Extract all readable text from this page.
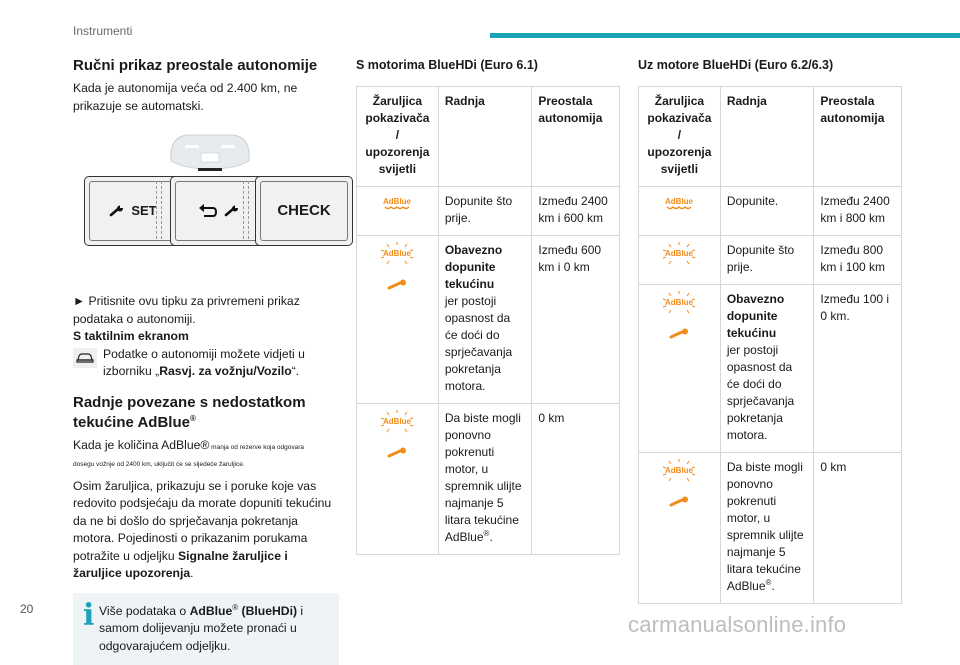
Instrumenti
Ručni prikaz preostale autonomije
Kada je autonomija veća od 2.400 km, ne prikazuje se automatski.
SET	CHECK
► Pritisnite ovu tipku za privremeni prikaz podataka o autonomiji.
S taktilnim ekranom
Podatke o autonomiji možete vidjeti u izborniku „Rasvj. za vožnju/Vozilo“.
Radnje povezane s nedostatkom tekućine AdBlue®
Kada je količina AdBlue® manja od rezerve koja odgovara
dosegu vožnje od 2400 km, uključit će se sljedeće žaruljice.
Osim žaruljica, prikazuju se i poruke koje vas redovito podsjećaju da morate dopuniti tekućinu da ne bi došlo do sprječavanja pokretanja motora. Pojedinosti o prikazanim porukama potražite u odjeljku Signalne žaruljice i žaruljice upozorenja.
i Više podataka o AdBlue® (BlueHDi) i samom dolijevanju možete pronaći u odgovarajućem odjeljku.
S motorima BlueHDi (Euro 6.1)
Žaruljica pokazivača / upozorenja svijetli	Radnja	Preostala autonomija

AdBlue	Dopunite što prije.	Između 2400 km i 600 km

AdBlue	Obavezno dopunite tekućinu
jer postoji opasnost da će doći do sprječavanja pokretanja motora.	Između 600 km i 0 km

AdBlue	Da biste mogli ponovno pokrenuti motor, u spremnik ulijte najmanje 5 litara tekućine AdBlue®.	0 km
Uz motore BlueHDi (Euro 6.2/6.3)
Žaruljica pokazivača / upozorenja svijetli	Radnja	Preostala autonomija

AdBlue	Dopunite.	Između 2400 km i 800 km

AdBlue	Dopunite što prije.	Između 800 km i 100 km

AdBlue	Obavezno dopunite tekućinu
jer postoji opasnost da će doći do sprječavanja pokretanja motora.	Između 100 i 0 km.

AdBlue	Da biste mogli ponovno pokrenuti motor, u spremnik ulijte najmanje 5 litara tekućine AdBlue®.	0 km
20
carmanualsonline.info
